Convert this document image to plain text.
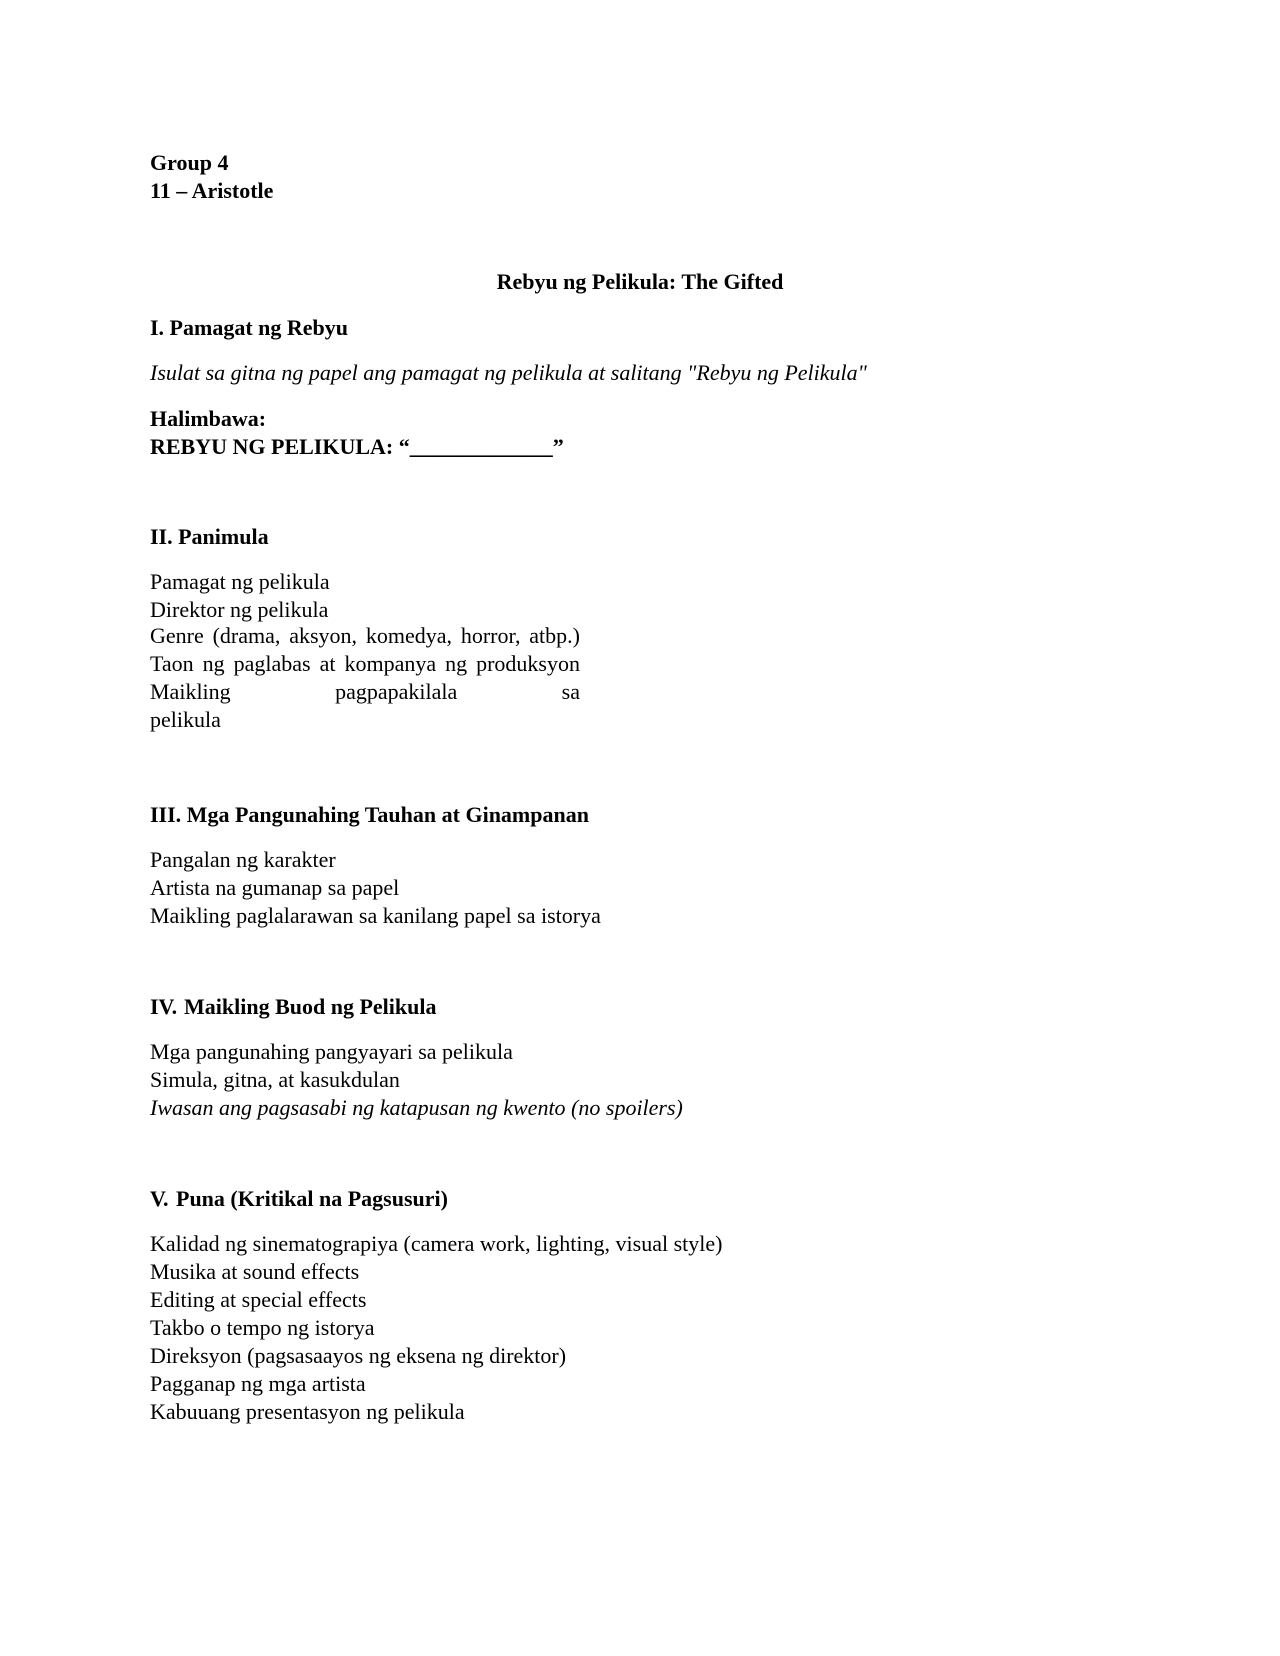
Group 4
11 – Aristotle
Rebyu ng Pelikula: The Gifted
I. Pamagat ng Rebyu
Isulat sa gitna ng papel ang pamagat ng pelikula at salitang "Rebyu ng Pelikula"
Halimbawa:
REBYU NG PELIKULA: “_____________”
II. Panimula
Pamagat ng pelikula
Direktor ng pelikula
Genre (drama, aksyon, komedya, horror, atbp.) Taon ng paglabas at kompanya ng produksyon Maikling pagpapakilala sa
pelikula
III. Mga Pangunahing Tauhan at Ginampanan
Pangalan ng karakter
Artista na gumanap sa papel
Maikling paglalarawan sa kanilang papel sa istorya
IV. Maikling Buod ng Pelikula
Mga pangunahing pangyayari sa pelikula
Simula, gitna, at kasukdulan
Iwasan ang pagsasabi ng katapusan ng kwento (no spoilers)
V. Puna (Kritikal na Pagsusuri)
Kalidad ng sinematograpiya (camera work, lighting, visual style)
Musika at sound effects
Editing at special effects
Takbo o tempo ng istorya
Direksyon (pagsasaayos ng eksena ng direktor)
Pagganap ng mga artista
Kabuuang presentasyon ng pelikula
